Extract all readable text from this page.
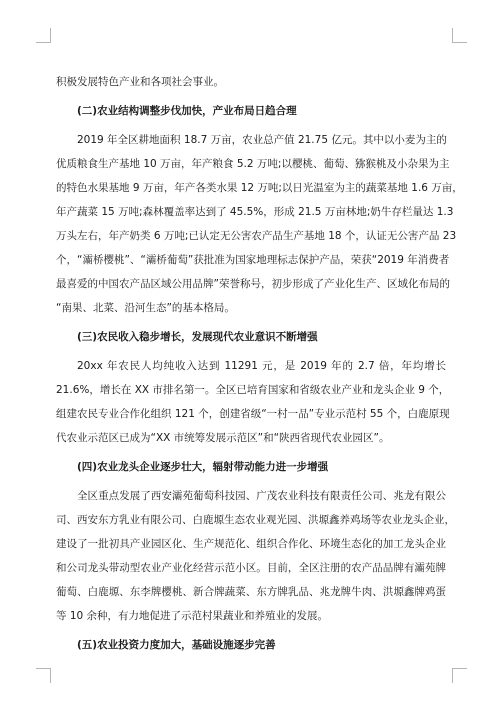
积极发展特色产业和各项社会事业。
(二)农业结构调整步伐加快，产业布局日趋合理
2019 年全区耕地面积 18.7 万亩，农业总产值 21.75 亿元。其中以小麦为主的
优质粮食生产基地 10 万亩，年产粮食 5.2 万吨;以樱桃、葡萄、猕猴桃及小杂果为主
的特色水果基地 9 万亩，年产各类水果 12 万吨;以日光温室为主的蔬菜基地 1.6 万亩，
年产蔬菜 15 万吨;森林覆盖率达到了 45.5%，形成 21.5 万亩林地;奶牛存栏量达 1.3
万头左右，年产奶类 6 万吨;已认定无公害农产品生产基地 18 个，认证无公害产品 23
个，“灞桥樱桃”、“灞桥葡萄”获批准为国家地理标志保护产品，荣获“2019 年消费者
最喜爱的中国农产品区域公用品牌”荣誉称号，初步形成了产业化生产、区域化布局的
“南果、北菜、沿河生态”的基本格局。
(三)农民收入稳步增长，发展现代农业意识不断增强
20xx 年农民人均纯收入达到 11291 元，是 2019 年的 2.7 倍，年均增长
21.6%，增长在 XX 市排名第一。全区已培育国家和省级农业产业和龙头企业 9 个，
组建农民专业合作化组织 121 个，创建省级“一村一品”专业示范村 55 个，白鹿原现
代农业示范区已成为“XX 市统筹发展示范区”和“陕西省现代农业园区”。
(四)农业龙头企业逐步壮大，辐射带动能力进一步增强
全区重点发展了西安灞苑葡萄科技园、广茂农业科技有限责任公司、兆龙有限公
司、西安东方乳业有限公司、白鹿塬生态农业观光园、洪塬鑫养鸡场等农业龙头企业，
建设了一批初具产业园区化、生产规范化、组织合作化、环境生态化的加工龙头企业
和公司龙头带动型农业产业化经营示范小区。目前，全区注册的农产品品牌有灞苑牌
葡萄、白鹿塬、东李牌樱桃、新合牌蔬菜、东方牌乳品、兆龙牌牛肉、洪塬鑫牌鸡蛋
等 10 余种，有力地促进了示范村果蔬业和养殖业的发展。
(五)农业投资力度加大，基础设施逐步完善
